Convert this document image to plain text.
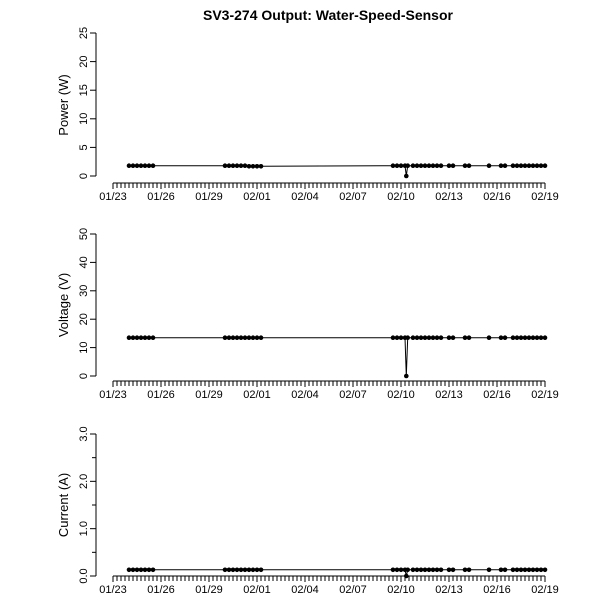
SV3-274 Output: Water-Speed-Sensor
Power (W)
0
5
10
15
20
25
01/23 01/26 01/29 02/01 02/04 02/07 02/10 02/13 02/16 02/19
Voltage (V)
0
10
20
30
40
50
01/23 01/26 01/29 02/01 02/04 02/07 02/10 02/13 02/16 02/19
Current (A)
0.0
1.0
2.0
3.0
01/23 01/26 01/29 02/01 02/04 02/07 02/10 02/13 02/16 02/19
